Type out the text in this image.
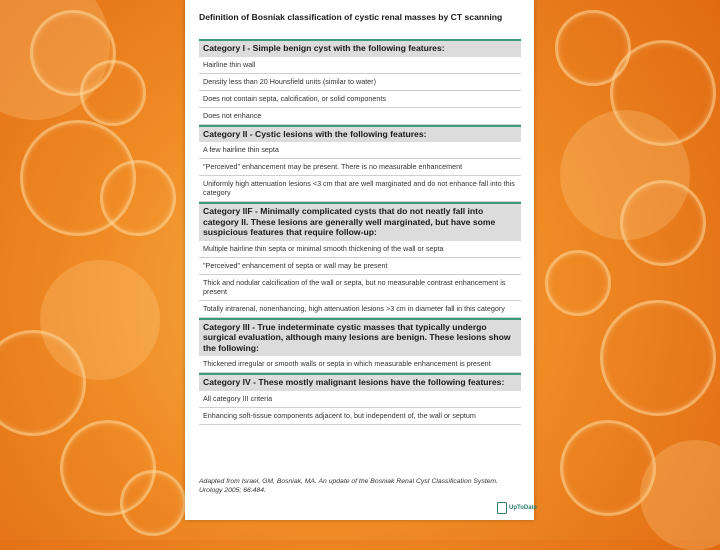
Definition of Bosniak classification of cystic renal masses by CT scanning
Category I - Simple benign cyst with the following features:
Hairline thin wall
Density less than 20 Hounsfield units (similar to water)
Does not contain septa, calcification, or solid components
Does not enhance
Category II - Cystic lesions with the following features:
A few hairline thin septa
"Perceived" enhancement may be present. There is no measurable enhancement
Uniformly high attenuation lesions <3 cm that are well marginated and do not enhance fall into this category
Category IIF - Minimally complicated cysts that do not neatly fall into category II. These lesions are generally well marginated, but have some suspicious features that require follow-up:
Multiple hairline thin septa or minimal smooth thickening of the wall or septa
"Perceived" enhancement of septa or wall may be present
Thick and nodular calcification of the wall or septa, but no measurable contrast enhancement is present
Totally intrarenal, nonenhancing, high attenuation lesions >3 cm in diameter fall in this category
Category III - True indeterminate cystic masses that typically undergo surgical evaluation, although many lesions are benign. These lesions show the following:
Thickened irregular or smooth walls or septa in which measurable enhancement is present
Category IV - These mostly malignant lesions have the following features:
All category III criteria
Enhancing soft-tissue components adjacent to, but independent of, the wall or septum
Adapted from Israel, GM, Bosniak, MA. An update of the Bosniak Renal Cyst Classification System. Urology 2005; 66:484.
UpToDate
